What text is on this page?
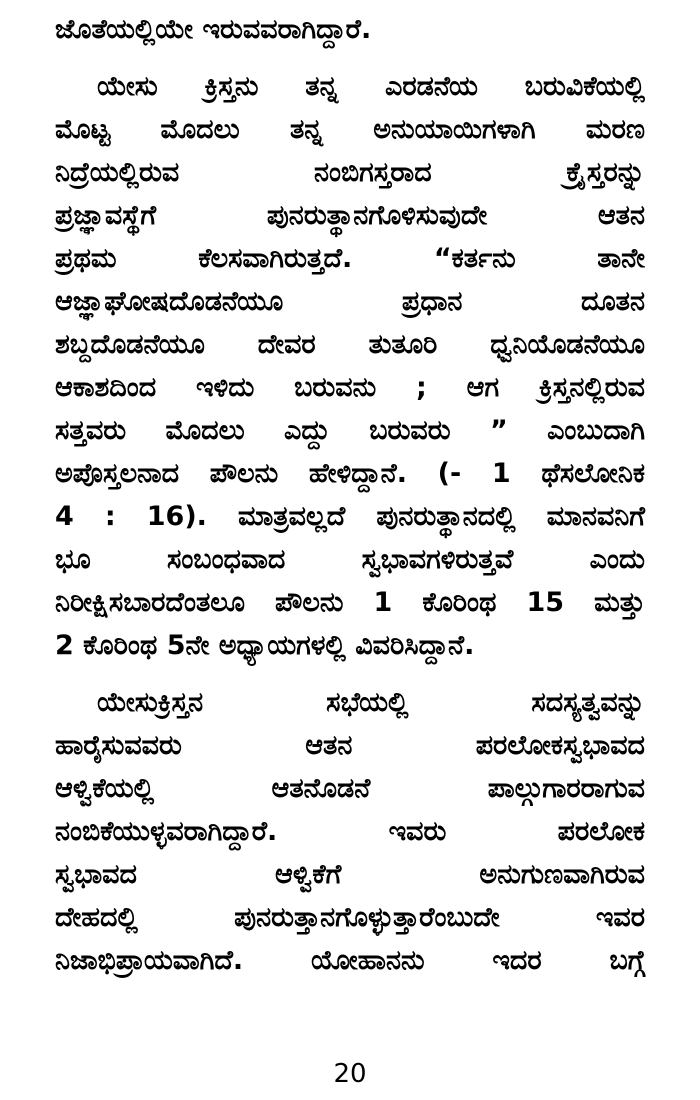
ಜೊತೆಯಲ್ಲಿಯೇ ಇರುವವರಾಗಿದ್ದಾರೆ.

ಯೇಸು ಕ್ರಿಸ್ತನು ತನ್ನ ಎರಡನೆಯ ಬರುವಿಕೆಯಲ್ಲಿ
ಮೊಟ್ಟ ಮೊದಲು ತನ್ನ ಅನುಯಾಯಿಗಳಾಗಿ ಮರಣ
ನಿದ್ರೆಯಲ್ಲಿರುವ ನಂಬಿಗಸ್ತರಾದ ಕ್ರೈಸ್ತರನ್ನು
ಪ್ರಜ್ಞಾವಸ್ಥೆಗೆ ಪುನರುತ್ಥಾನಗೊಳಿಸುವುದೇ ಆತನ
ಪ್ರಥಮ ಕೆಲಸವಾಗಿರುತ್ತದೆ. “ಕರ್ತನು ತಾನೇ
ಆಜ್ಞಾಘೋಷದೊಡನೆಯೂ ಪ್ರಧಾನ ದೂತನ
ಶಬ್ದದೊಡನೆಯೂ ದೇವರ ತುತೂರಿ ಧ್ವನಿಯೊಡನೆಯೂ
ಆಕಾಶದಿಂದ ಇಳಿದು ಬರುವನು ; ಆಗ ಕ್ರಿಸ್ತನಲ್ಲಿರುವ
ಸತ್ತವರು ಮೊದಲು ಎದ್ದು ಬರುವರು ” ಎಂಬುದಾಗಿ
ಅಪೊಸ್ತಲನಾದ ಪೌಲನು ಹೇಳಿದ್ದಾನೆ. (- 1 ಥೆಸಲೋನಿಕ
4 : 16). ಮಾತ್ರವಲ್ಲದೆ ಪುನರುತ್ಥಾನದಲ್ಲಿ ಮಾನವನಿಗೆ
ಭೂ ಸಂಬಂಧವಾದ ಸ್ವಭಾವಗಳಿರುತ್ತವೆ ಎಂದು
ನಿರೀಕ್ಷಿಸಬಾರದೆಂತಲೂ ಪೌಲನು 1 ಕೊರಿಂಥ 15 ಮತ್ತು
2 ಕೊರಿಂಥ 5ನೇ ಅಧ್ಯಾಯಗಳಲ್ಲಿ ವಿವರಿಸಿದ್ದಾನೆ.

ಯೇಸುಕ್ರಿಸ್ತನ ಸಭೆಯಲ್ಲಿ ಸದಸ್ಯತ್ವವನ್ನು
ಹಾರೈಸುವವರು ಆತನ ಪರಲೋಕಸ್ವಭಾವದ
ಆಳ್ವಿಕೆಯಲ್ಲಿ ಆತನೊಡನೆ ಪಾಲ್ಗುಗಾರರಾಗುವ
ನಂಬಿಕೆಯುಳ್ಳವರಾಗಿದ್ದಾರೆ. ಇವರು ಪರಲೋಕ
ಸ್ವಭಾವದ ಆಳ್ವಿಕೆಗೆ ಅನುಗುಣವಾಗಿರುವ
ದೇಹದಲ್ಲಿ ಪುನರುತ್ತಾನಗೊಳ್ಳುತ್ತಾರೆಂಬುದೇ ಇವರ
ನಿಜಾಭಿಪ್ರಾಯವಾಗಿದೆ. ಯೋಹಾನನು ಇದರ ಬಗ್ಗೆ

20
